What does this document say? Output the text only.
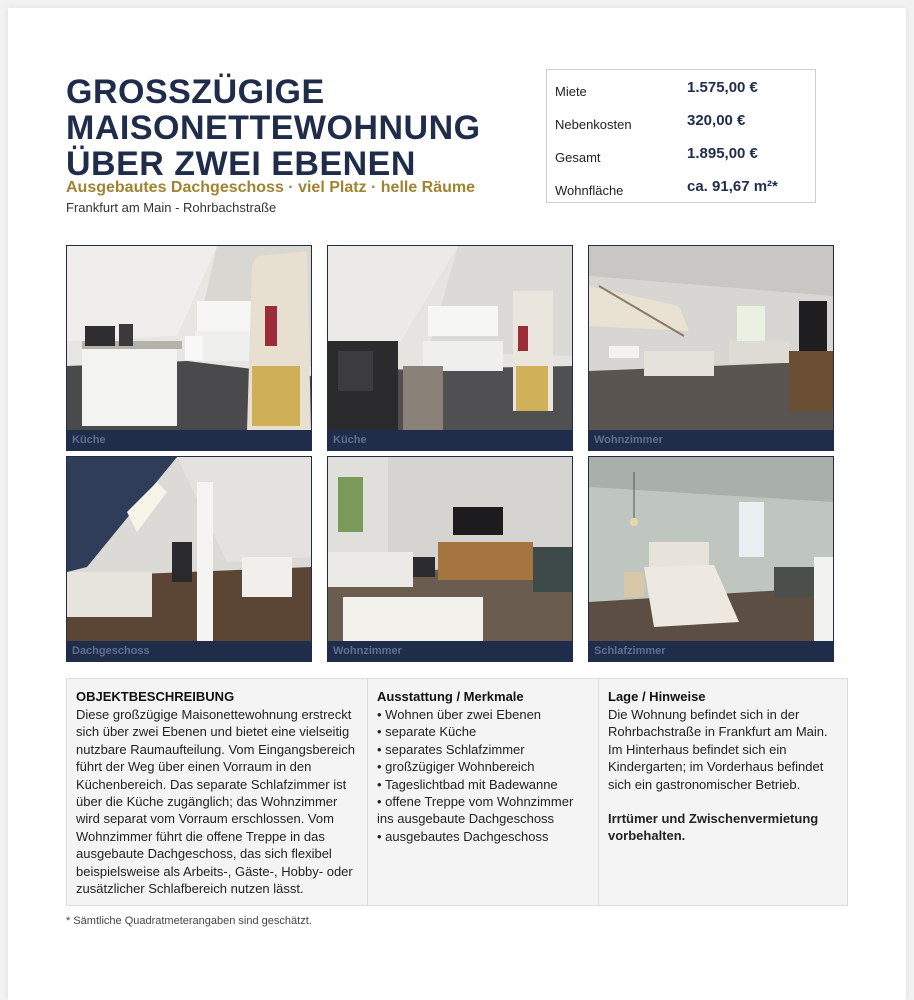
GROSSZÜGIGE
MAISONETTEWOHNUNG
ÜBER ZWEI EBENEN
Ausgebautes Dachgeschoss · viel Platz · helle Räume
Frankfurt am Main - Rohrbachstraße
Miete	1.575,00 €
Nebenkosten	320,00 €
Gesamt	1.895,00 €
Wohnfläche	ca. 91,67 m²*
Küche	Küche	Wohnzimmer
Dachgeschoss	Wohnzimmer	Schlafzimmer
OBJEKTBESCHREIBUNG

Diese großzügige Maisonettewohnung erstreckt

sich über zwei Ebenen und bietet eine vielseitig

nutzbare Raumaufteilung. Vom Eingangsbereich

führt der Weg über einen Vorraum in den

Küchenbereich. Das separate Schlafzimmer ist

über die Küche zugänglich; das Wohnzimmer

wird separat vom Vorraum erschlossen. Vom

Wohnzimmer führt die offene Treppe in das

ausgebaute Dachgeschoss, das sich flexibel

beispielsweise als Arbeits-, Gäste-, Hobby- oder

zusätzlicher Schlafbereich nutzen lässt.

Ausstattung / Merkmale
• Wohnen über zwei Ebenen
• separate Küche
• separates Schlafzimmer
• großzügiger Wohnbereich
• Tageslichtbad mit Badewanne
• offene Treppe vom Wohnzimmer
ins ausgebaute Dachgeschoss
• ausgebautes Dachgeschoss
Lage / Hinweise

Die Wohnung befindet sich in der

Rohrbachstraße in Frankfurt am Main.

Im Hinterhaus befindet sich ein

Kindergarten; im Vorderhaus befindet

sich ein gastronomischer Betrieb.

Irrtümer und Zwischenvermietung

vorbehalten.

* Sämtliche Quadratmeterangaben sind geschätzt.
